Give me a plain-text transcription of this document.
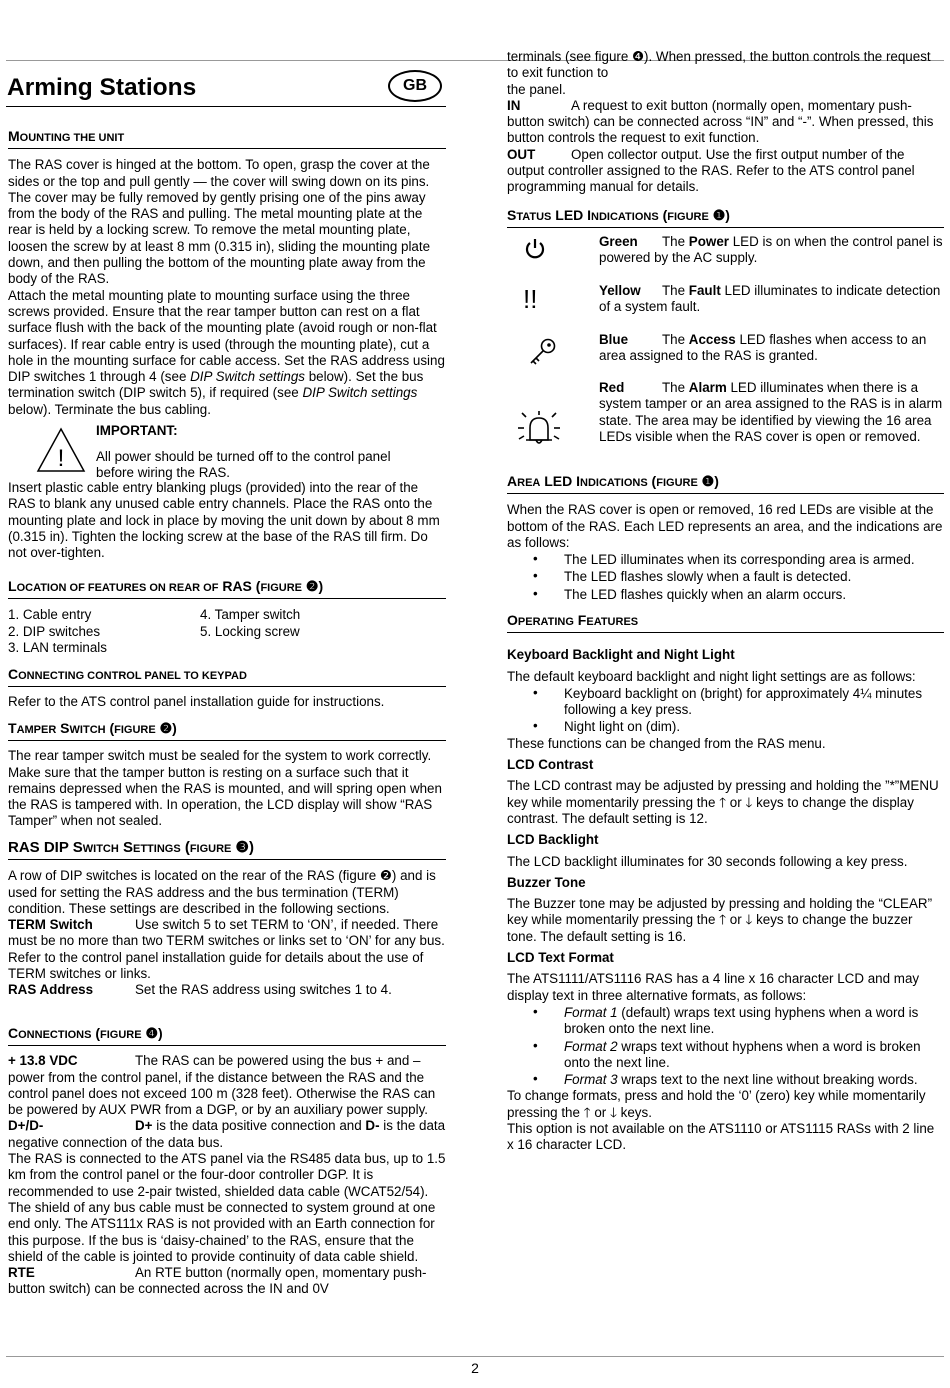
Arming Stations	GB
MOUNTING THE UNIT

The RAS cover is hinged at the bottom. To open, grasp the cover at the sides or the top and pull gently — the cover will swing down on its pins. The cover may be fully removed by gently prising one of the pins away from the body of the RAS and pulling. The metal mounting plate at the rear is held by a locking screw. To remove the metal mounting plate, loosen the screw by at least 8 mm (0.315 in), sliding the mounting plate down, and then pulling the bottom of the mounting plate away from the body of the RAS.

Attach the metal mounting plate to mounting surface using the three screws provided. Ensure that the rear tamper button can rest on a flat surface flush with the back of the mounting plate (avoid rough or non-flat surfaces). If rear cable entry is used (through the mounting plate), cut a hole in the mounting surface for cable access. Set the RAS address using DIP switches 1 through 4 (see DIP Switch settings below). Set the bus termination switch (DIP switch 5), if required (see DIP Switch settings below). Terminate the bus cabling.

!
IMPORTANT:
All power should be turned off to the control panel before wiring the RAS.

Insert plastic cable entry blanking plugs (provided) into the rear of the RAS to blank any unused cable entry channels. Place the RAS onto the mounting plate and lock in place by moving the unit down by about 8 mm (0.315 in). Tighten the locking screw at the base of the RAS till firm. Do not over-tighten.

LOCATION OF FEATURES ON REAR OF RAS (FIGURE ❷)
1. Cable entry
2. DIP switches
3. LAN terminals
4. Tamper switch
5. Locking screw
CONNECTING CONTROL PANEL TO KEYPAD

Refer to the ATS control panel installation guide for instructions.

TAMPER SWITCH (FIGURE ❷)

The rear tamper switch must be sealed for the system to work correctly. Make sure that the tamper button is resting on a surface such that it remains depressed when the RAS is mounted, and will spring open when the RAS is tampered with. In operation, the LCD display will show “RAS Tamper” when not sealed.

RAS DIP SWITCH SETTINGS (FIGURE ❸)

A row of DIP switches is located on the rear of the RAS (figure ❷) and is used for setting the RAS address and the bus termination (TERM) condition. These settings are described in the following sections.

TERM Switch	Use switch 5 to set TERM to ‘ON’, if needed. There must be no more than two TERM switches or links set to ‘ON’ for any bus. Refer to the control panel installation guide for details about the use of TERM switches or links.

RAS Address	Set the RAS address using switches 1 to 4.

CONNECTIONS (FIGURE ❹)

+ 13.8 VDC	The RAS can be powered using the bus + and – power from the control panel, if the distance between the RAS and the control panel does not exceed 100 m (328 feet). Otherwise the RAS can be powered by AUX PWR from a DGP, or by an auxiliary power supply.

D+/D-	D+ is the data positive connection and D- is the data negative connection of the data bus.

The RAS is connected to the ATS panel via the RS485 data bus, up to 1.5 km from the control panel or the four-door controller DGP. It is recommended to use 2-pair twisted, shielded data cable (WCAT52/54). The shield of any bus cable must be connected to system ground at one end only. The ATS111x RAS is not provided with an Earth connection for this purpose. If the bus is ‘daisy-chained’ to the RAS, ensure that the shield of the cable is jointed to provide continuity of data cable shield.

RTE	An RTE button (normally open, momentary push-button switch) can be connected across the IN and 0V

terminals (see figure ❹). When pressed, the button controls the request to exit function to

the panel.

IN	A request to exit button (normally open, momentary push-button switch) can be connected across “IN” and “-”. When pressed, this button controls the request to exit function.

OUT	Open collector output. Use the first output number of the output controller assigned to the RAS. Refer to the ATS control panel programming manual for details.

STATUS LED INDICATIONS (FIGURE ❶)
Green The Power LED is on when the control panel is powered by the AC supply.
Yellow The Fault LED illuminates to indicate detection of a system fault.
!!
Blue	The Access LED flashes when access to an area assigned to the RAS is granted.
Red	The Alarm LED illuminates when there is a system tamper or an area assigned to the RAS is in alarm state. The area may be identified by viewing the 16 area LEDs visible when the RAS cover is open or removed.
AREA LED INDICATIONS (FIGURE ❶)

When the RAS cover is open or removed, 16 red LEDs are visible at the bottom of the RAS. Each LED represents an area, and the indications are as follows:

• The LED illuminates when its corresponding area is armed.
• The LED flashes slowly when a fault is detected.
• The LED flashes quickly when an alarm occurs.
OPERATING FEATURES
Keyboard Backlight and Night Light

The default keyboard backlight and night light settings are as follows:

• Keyboard backlight on (bright) for approximately 4¼ minutes following a key press.
• Night light on (dim).

These functions can be changed from the RAS menu.

LCD Contrast

The LCD contrast may be adjusted by pressing and holding the ”*”MENU key while momentarily pressing the 🡑 or 🡓 keys to change the display contrast. The default setting is 12.

LCD Backlight

The LCD backlight illuminates for 30 seconds following a key press.

Buzzer Tone

The Buzzer tone may be adjusted by pressing and holding the “CLEAR” key while momentarily pressing the 🡑 or 🡓 keys to change the buzzer tone. The default setting is 16.

LCD Text Format

The ATS1111/ATS1116 RAS has a 4 line x 16 character LCD and may display text in three alternative formats, as follows:

• Format 1 (default) wraps text using hyphens when a word is broken onto the next line.
• Format 2 wraps text without hyphens when a word is broken onto the next line.
• Format 3 wraps text to the next line without breaking words.

To change formats, press and hold the ‘0’ (zero) key while momentarily pressing the 🡑 or 🡓 keys.

This option is not available on the ATS1110 or ATS1115 RASs with 2 line x 16 character LCD.

2
